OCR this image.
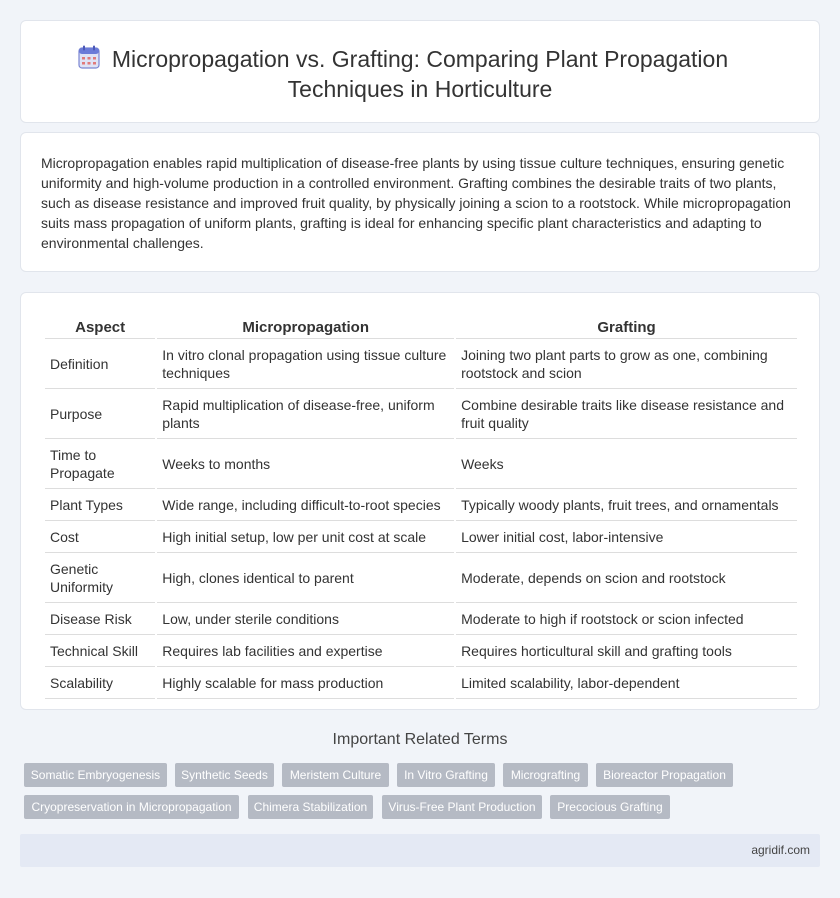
Micropropagation vs. Grafting: Comparing Plant Propagation
Techniques in Horticulture
Micropropagation enables rapid multiplication of disease-free plants by using tissue culture techniques, ensuring genetic uniformity and high-volume production in a controlled environment. Grafting combines the desirable traits of two plants, such as disease resistance and improved fruit quality, by physically joining a scion to a rootstock. While micropropagation suits mass propagation of uniform plants, grafting is ideal for enhancing specific plant characteristics and adapting to environmental challenges.
Aspect	Micropropagation	Grafting
Definition	In vitro clonal propagation using tissue culture techniques	Joining two plant parts to grow as one, combining rootstock and scion
Purpose	Rapid multiplication of disease-free, uniform plants	Combine desirable traits like disease resistance and fruit quality
Time to Propagate	Weeks to months	Weeks
Plant Types	Wide range, including difficult-to-root species	Typically woody plants, fruit trees, and ornamentals
Cost	High initial setup, low per unit cost at scale	Lower initial cost, labor-intensive
Genetic Uniformity	High, clones identical to parent	Moderate, depends on scion and rootstock
Disease Risk	Low, under sterile conditions	Moderate to high if rootstock or scion infected
Technical Skill	Requires lab facilities and expertise	Requires horticultural skill and grafting tools
Scalability	Highly scalable for mass production	Limited scalability, labor-dependent
Important Related Terms
Somatic Embryogenesis	Synthetic Seeds	Meristem Culture	In Vitro Grafting	Micrografting	Bioreactor Propagation
Cryopreservation in Micropropagation	Chimera Stabilization	Virus-Free Plant Production	Precocious Grafting
agridif.com
